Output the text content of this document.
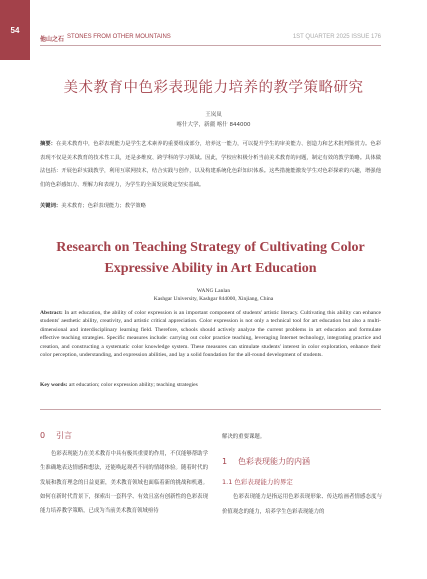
54
他山之石 STONES FROM OTHER MOUNTAINS	1ST QUARTER 2025 ISSUE 176
美术教育中色彩表现能力培养的教学策略研究
王岚岚
喀什大学，新疆 喀什 844000
摘要：在美术教育中，色彩表现能力是学生艺术素养的重要组成部分，培养这一能力，可以提升学生的审美能力、创造力和艺术批判鉴赏力。色彩表现不仅是美术教育的技术性工具，还是多维度、跨学科的学习领域。因此，学校应积极分析当前美术教育的问题，制定有效的教学策略。具体做法包括：开展色彩实践教学，利用互联网技术，结合实践与创作，以及构建系统化色彩知识体系。这些措施能激发学生对色彩探索的兴趣，增强他们的色彩感知力、理解力和表现力，为学生的全面发展奠定坚实基础。
关键词：美术教育；色彩表现能力；教学策略
Research on Teaching Strategy of Cultivating Color Expressive Ability in Art Education
WANG Lanlan
Kashgar University, Kashgar 844000, Xinjiang, China
Abstract: In art education, the ability of color expression is an important component of students' artistic literacy. Cultivating this ability can enhance students' aesthetic ability, creativity, and artistic critical appreciation. Color expression is not only a technical tool for art education but also a multi-dimensional and interdisciplinary learning field. Therefore, schools should actively analyze the current problems in art education and formulate effective teaching strategies. Specific measures include: carrying out color practice teaching, leveraging Internet technology, integrating practice and creation, and constructing a systematic color knowledge system. These measures can stimulate students' interest in color exploration, enhance their color perception, understanding, and expression abilities, and lay a solid foundation for the all-round development of students.
Key words: art education; color expression ability; teaching strategies
0 引言

色彩表现能力在美术教育中具有极其重要的作用，不仅能够帮助学生准确地表达情感和想法，还能唤起观者不同的情绪体验。随着时代的发展和教育理念的日益更新，美术教育领域也面临着新的挑战和机遇。如何在新时代背景下，探索出一套科学、有效且富有创新性的色彩表现能力培养教学策略，已成为当前美术教育领域亟待

解决的重要课题。

1 色彩表现能力的内涵
1.1 色彩表现能力的界定

色彩表现能力是指运用色彩表现形象、传达绘画者情感态度与价值观念的能力，培养学生色彩表现能力的
